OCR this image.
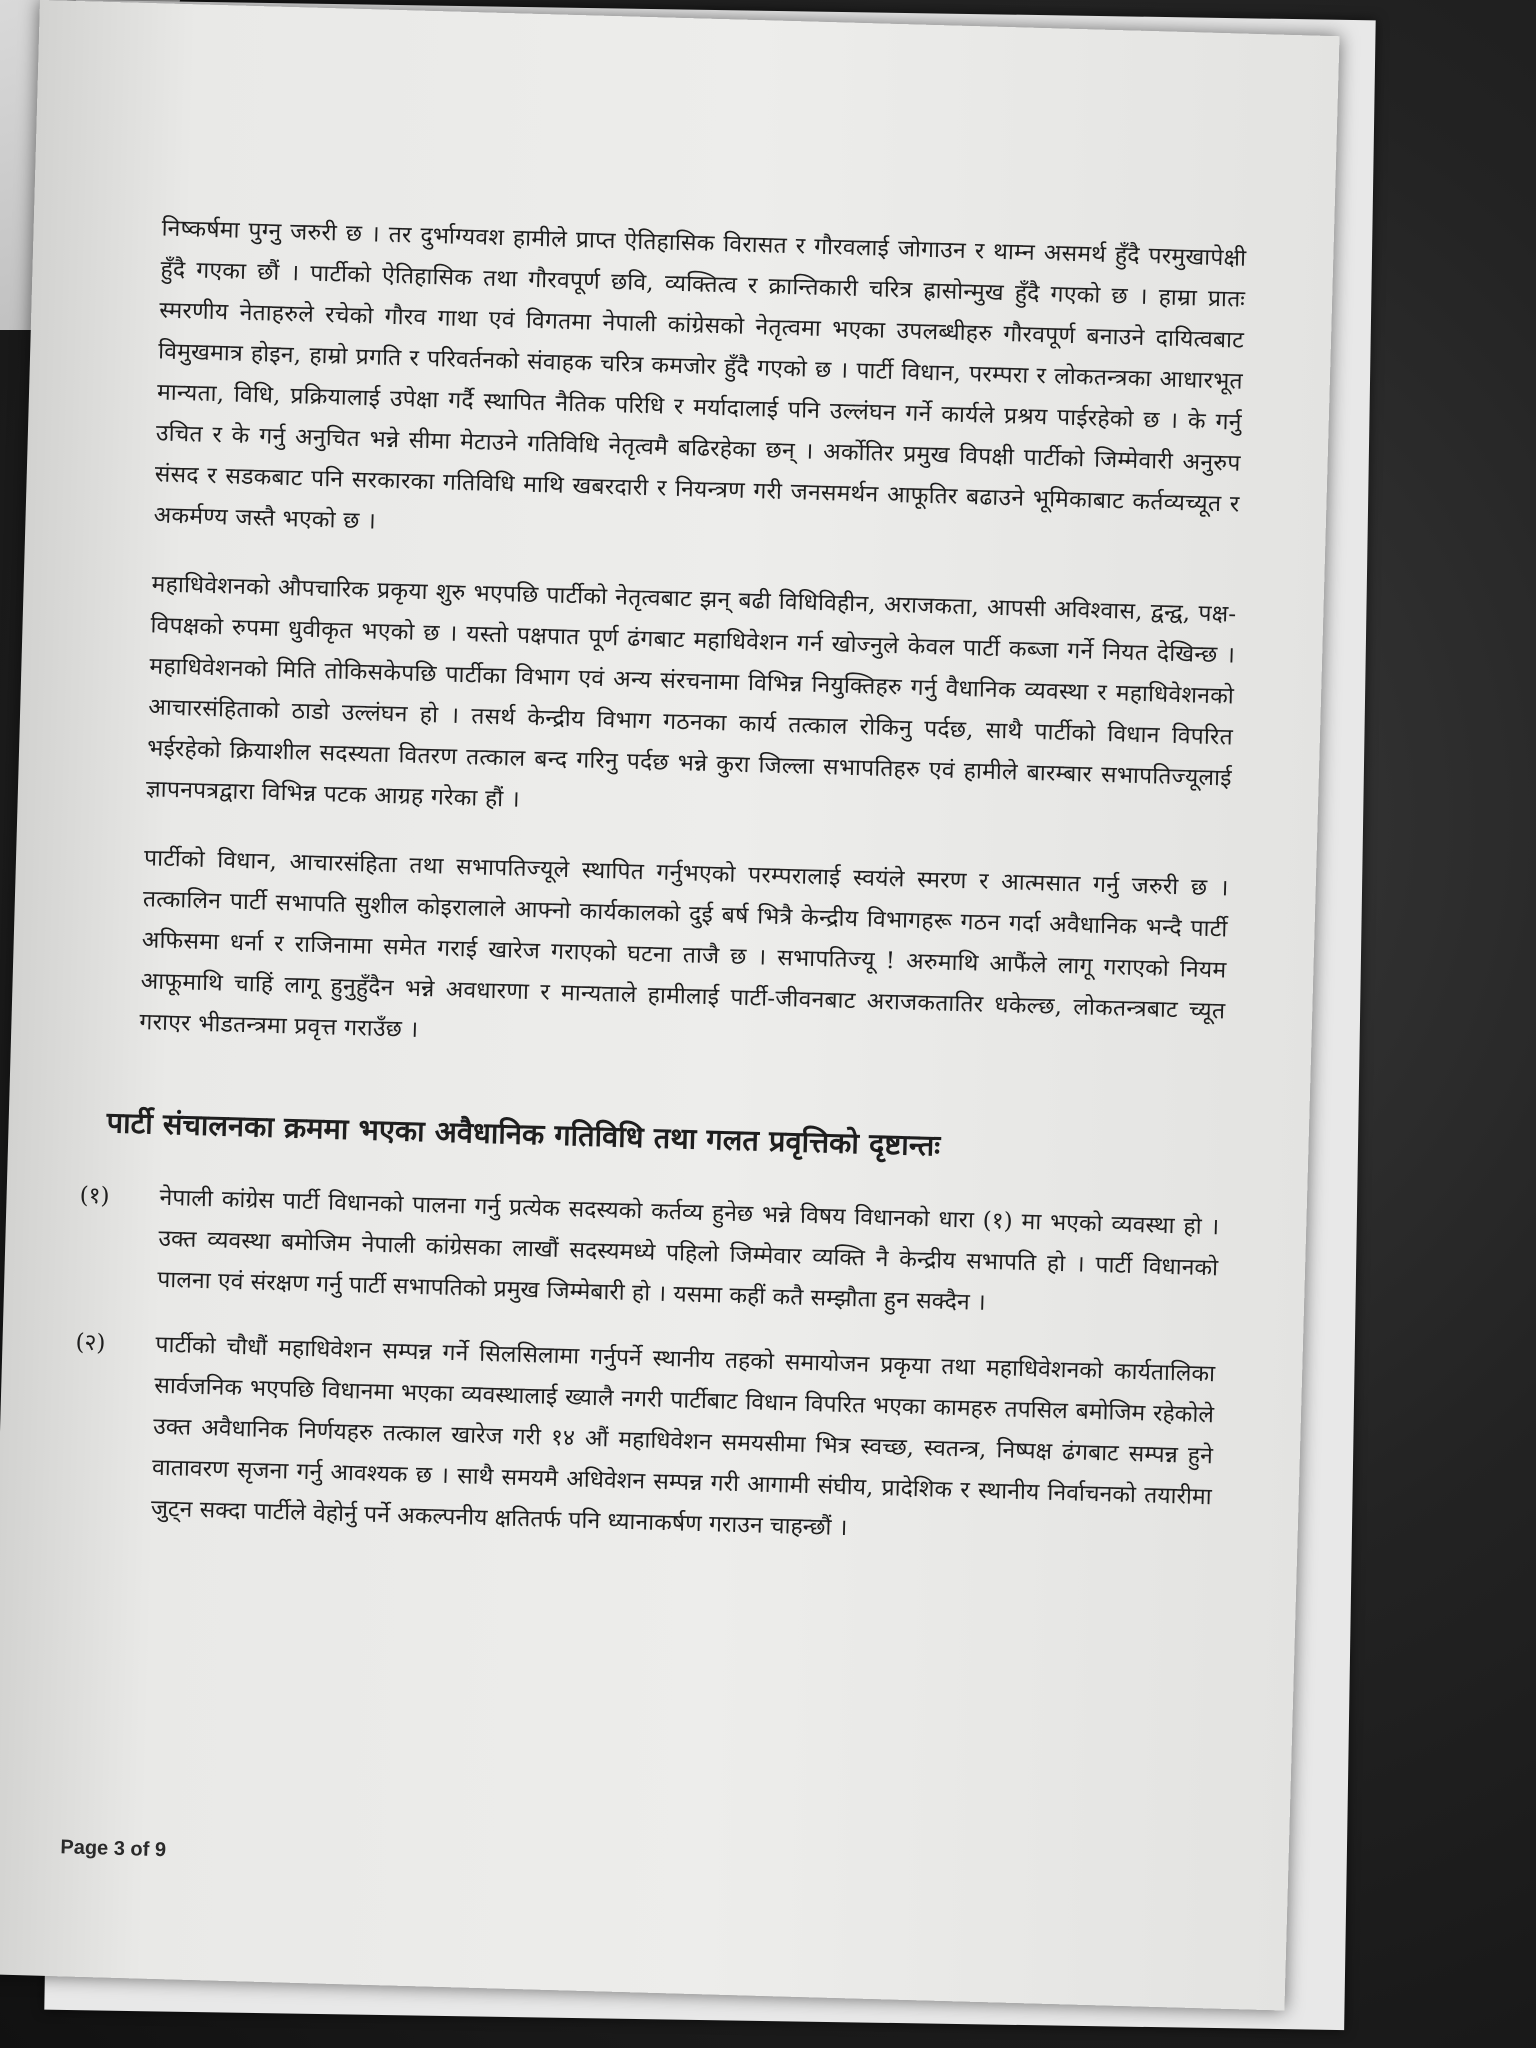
निष्कर्षमा पुग्नु जरुरी छ । तर दुर्भाग्यवश हामीले प्राप्त ऐतिहासिक विरासत र गौरवलाई जोगाउन र थाम्न असमर्थ हुँदै परमुखापेक्षी हुँदै गएका छौं । पार्टीको ऐतिहासिक तथा गौरवपूर्ण छवि, व्यक्तित्व र क्रान्तिकारी चरित्र ह्रासोन्मुख हुँदै गएको छ । हाम्रा प्रातः स्मरणीय नेताहरुले रचेको गौरव गाथा एवं विगतमा नेपाली कांग्रेसको नेतृत्वमा भएका उपलब्धीहरु गौरवपूर्ण बनाउने दायित्वबाट विमुखमात्र होइन, हाम्रो प्रगति र परिवर्तनको संवाहक चरित्र कमजोर हुँदै गएको छ । पार्टी विधान, परम्परा र लोकतन्त्रका आधारभूत मान्यता, विधि, प्रक्रियालाई उपेक्षा गर्दै स्थापित नैतिक परिधि र मर्यादालाई पनि उल्लंघन गर्ने कार्यले प्रश्रय पाईरहेको छ । के गर्नु उचित र के गर्नु अनुचित भन्ने सीमा मेटाउने गतिविधि नेतृत्वमै बढिरहेका छन् । अर्कोतिर प्रमुख विपक्षी पार्टीको जिम्मेवारी अनुरुप संसद र सडकबाट पनि सरकारका गतिविधि माथि खबरदारी र नियन्त्रण गरी जनसमर्थन आफूतिर बढाउने भूमिकाबाट कर्तव्यच्यूत र अकर्मण्य जस्तै भएको छ ।

महाधिवेशनको औपचारिक प्रकृया शुरु भएपछि पार्टीको नेतृत्वबाट झन् बढी विधिविहीन, अराजकता, आपसी अविश्वास, द्वन्द्व, पक्ष-विपक्षको रुपमा धुवीकृत भएको छ । यस्तो पक्षपात पूर्ण ढंगबाट महाधिवेशन गर्न खोज्नुले केवल पार्टी कब्जा गर्ने नियत देखिन्छ । महाधिवेशनको मिति तोकिसकेपछि पार्टीका विभाग एवं अन्य संरचनामा विभिन्न नियुक्तिहरु गर्नु वैधानिक व्यवस्था र महाधिवेशनको आचारसंहिताको ठाडो उल्लंघन हो । तसर्थ केन्द्रीय विभाग गठनका कार्य तत्काल रोकिनु पर्दछ, साथै पार्टीको विधान विपरित भईरहेको क्रियाशील सदस्यता वितरण तत्काल बन्द गरिनु पर्दछ भन्ने कुरा जिल्ला सभापतिहरु एवं हामीले बारम्बार सभापतिज्यूलाई ज्ञापनपत्रद्वारा विभिन्न पटक आग्रह गरेका हौं ।

पार्टीको विधान, आचारसंहिता तथा सभापतिज्यूले स्थापित गर्नुभएको परम्परालाई स्वयंले स्मरण र आत्मसात गर्नु जरुरी छ । तत्कालिन पार्टी सभापति सुशील कोइरालाले आफ्नो कार्यकालको दुई बर्ष भित्रै केन्द्रीय विभागहरू गठन गर्दा अवैधानिक भन्दै पार्टी अफिसमा धर्ना र राजिनामा समेत गराई खारेज गराएको घटना ताजै छ । सभापतिज्यू ! अरुमाथि आफैंले लागू गराएको नियम आफूमाथि चाहिं लागू हुनुहुँदैन भन्ने अवधारणा र मान्यताले हामीलाई पार्टी-जीवनबाट अराजकतातिर धकेल्छ, लोकतन्त्रबाट च्यूत गराएर भीडतन्त्रमा प्रवृत्त गराउँछ ।

पार्टी संचालनका क्रममा भएका अवैधानिक गतिविधि तथा गलत प्रवृत्तिको दृष्टान्तः
(१)	नेपाली कांग्रेस पार्टी विधानको पालना गर्नु प्रत्येक सदस्यको कर्तव्य हुनेछ भन्ने विषय विधानको धारा (१) मा भएको व्यवस्था हो । उक्त व्यवस्था बमोजिम नेपाली कांग्रेसका लाखौं सदस्यमध्ये पहिलो जिम्मेवार व्यक्ति नै केन्द्रीय सभापति हो । पार्टी विधानको पालना एवं संरक्षण गर्नु पार्टी सभापतिको प्रमुख जिम्मेबारी हो । यसमा कहीं कतै सम्झौता हुन सक्दैन ।
(२)	पार्टीको चौधौं महाधिवेशन सम्पन्न गर्ने सिलसिलामा गर्नुपर्ने स्थानीय तहको समायोजन प्रकृया तथा महाधिवेशनको कार्यतालिका सार्वजनिक भएपछि विधानमा भएका व्यवस्थालाई ख्यालै नगरी पार्टीबाट विधान विपरित भएका कामहरु तपसिल बमोजिम रहेकोले उक्त अवैधानिक निर्णयहरु तत्काल खारेज गरी १४ औं महाधिवेशन समयसीमा भित्र स्वच्छ, स्वतन्त्र, निष्पक्ष ढंगबाट सम्पन्न हुने वातावरण सृजना गर्नु आवश्यक छ । साथै समयमै अधिवेशन सम्पन्न गरी आगामी संघीय, प्रादेशिक र स्थानीय निर्वाचनको तयारीमा जुट्न सक्दा पार्टीले वेहोर्नु पर्ने अकल्पनीय क्षतितर्फ पनि ध्यानाकर्षण गराउन चाहन्छौं ।
Page 3 of 9
